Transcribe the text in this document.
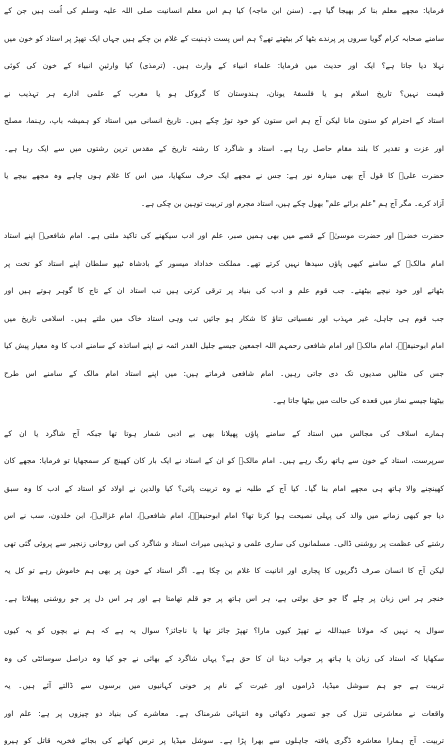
فرمایا: مجھے معلم بنا کر بھیجا گیا ہے۔ (سنن ابن ماجہ) کیا ہم اس معلم انسانیت صلی اللہ علیہ وسلم کی اُمت ہیں جن کے
سامنے صحابہ کرام گویا سروں پر پرندے بٹھا کر بیٹھتے تھے؟ ہم اس پست ذہنیت کے غلام بن چکے ہیں جہاں ایک تھپڑ پر استاد کو خون میں
نہلا دیا جاتا ہے؟ ایک اور حدیث میں فرمایا: علماء انبیاء کے وارث ہیں۔ (ترمذی) کیا وارثینِ انبیاء کے خون کی کوئی
قیمت نہیں؟ تاریخ اسلام ہو یا فلسفۂ یونان، ہندوستان کا گروکل ہو یا مغرب کے علمی ادارے ہر تہذیب نے
استاد کے احترام کو ستون مانا لیکن آج ہم اس ستون کو خود توڑ چکے ہیں۔ تاریخ انسانی میں استاد کو ہمیشہ باپ، رہنما، مصلح
اور عزت و تقدیر کا بلند مقام حاصل رہا ہے۔ استاد و شاگرد کا رشتہ تاریخ کے مقدس ترین رشتوں میں سے ایک رہا ہے۔
حضرت علیؓ کا قول آج بھی مینارہ نور ہے: جس نے مجھے ایک حرف سکھایا، میں اس کا غلام ہوں چاہے وہ مجھے بیچے یا
آزاد کرے۔ مگر آج ہم "علم برائے علم" بھول چکے ہیں، استاد مجرم اور تربیت توہین بن چکی ہے۔
حضرت خضرؑ اور حضرت موسیٰؑ کے قصے میں بھی ہمیں صبر، علم اور ادب سیکھنے کی تاکید ملتی ہے۔ امام شافعیؒ اپنے استاد
امام مالکؒ کے سامنے کبھی پاؤں سیدھا نہیں کرتے تھے۔ مملکت خداداد میسور کے بادشاہ ٹیپو سلطان اپنے استاد کو تخت پر
بٹھاتے اور خود نیچے بیٹھتے۔ جب قوم علم و ادب کی بنیاد پر ترقی کرتی ہیں تب استاد ان کے تاج کا گوہر ہوتے ہیں اور
جب قوم ہی جاہل، غیر مہذب اور نفسیاتی تناؤ کا شکار ہو جائیں تب وہی استاد خاک میں ملتے ہیں۔ اسلامی تاریخ میں
امام ابوحنیفہؒ، امام مالکؒ اور امام شافعی رحمہم اللہ اجمعین جیسے جلیل القدر ائمہ نے اپنے اساتذہ کے سامنے ادب کا وہ معیار پیش کیا
جس کی مثالیں صدیوں تک دی جاتی رہیں۔ امام شافعی فرماتے ہیں: میں اپنے استاد امام مالک کے سامنے اس طرح
بیٹھتا جیسے نماز میں قعدہ کی حالت میں بیٹھا جاتا ہے۔
ہمارے اسلاف کی مجالس میں استاد کے سامنے پاؤں پھیلانا بھی بے ادبی شمار ہوتا تھا جبکہ آج شاگرد یا ان کے
سرپرست، استاد کے خون سے ہاتھ رنگ رہے ہیں۔ امام مالکؒ کو ان کے استاد نے ایک بار کان کھینچ کر سمجھایا تو فرمایا: مجھے کان
کھینچنے والا ہاتھ ہی مجھے امام بنا گیا۔ کیا آج کے طلبہ نے وہ تربیت پائی؟ کیا والدین نے اولاد کو استاد کے ادب کا وہ سبق
دیا جو کبھی زمانے میں والد کی پہلی نصیحت ہوا کرتا تھا؟ امام ابوحنیفہؒ، امام شافعیؒ، امام غزالیؒ، ابن خلدون، سب نے اس
رشتے کی عظمت پر روشنی ڈالی۔ مسلمانوں کی ساری علمی و تہذیبی میراث استاد و شاگرد کی اس روحانی زنجیر سے پروئی گئی تھی
لیکن آج کا انسان صرف ڈگریوں کا پجاری اور انانیت کا غلام بن چکا ہے۔ اگر استاد کے خون پر بھی ہم خاموش رہے تو کل یہ
خنجر ہر اس زبان پر چلے گا جو حق بولتی ہے، ہر اس ہاتھ پر جو قلم تھامتا ہے اور ہر اس دل پر جو روشنی پھیلاتا ہے۔
سوال یہ نہیں کہ مولانا عبیداللہ نے تھپڑ کیوں مارا؟ تھپڑ جائز تھا یا ناجائز؟ سوال یہ ہے کہ ہم نے بچوں کو یہ کیوں
سکھایا کہ استاد کی زبان یا ہاتھ پر جواب دینا ان کا حق ہے؟ یہاں شاگرد کے بھائی نے جو کیا وہ دراصل سوسائٹی کی وہ
تربیت ہے جو ہم سوشل میڈیا، ڈراموں اور غیرت کے نام پر خونی کہانیوں میں برسوں سے ڈالتے آئے ہیں۔ یہ
واقعات نے معاشرتی تنزل کی جو تصویر دکھائی وہ انتہائی شرمناک ہے۔ معاشرے کی بنیاد دو چیزوں پر ہے: علم اور
تربیت۔ آج ہمارا معاشرہ ڈگری یافتہ جاہلوں سے بھرا پڑا ہے۔ سوشل میڈیا پر ترس کھانے کی بجائے فخریہ قاتل کو ہیرو
